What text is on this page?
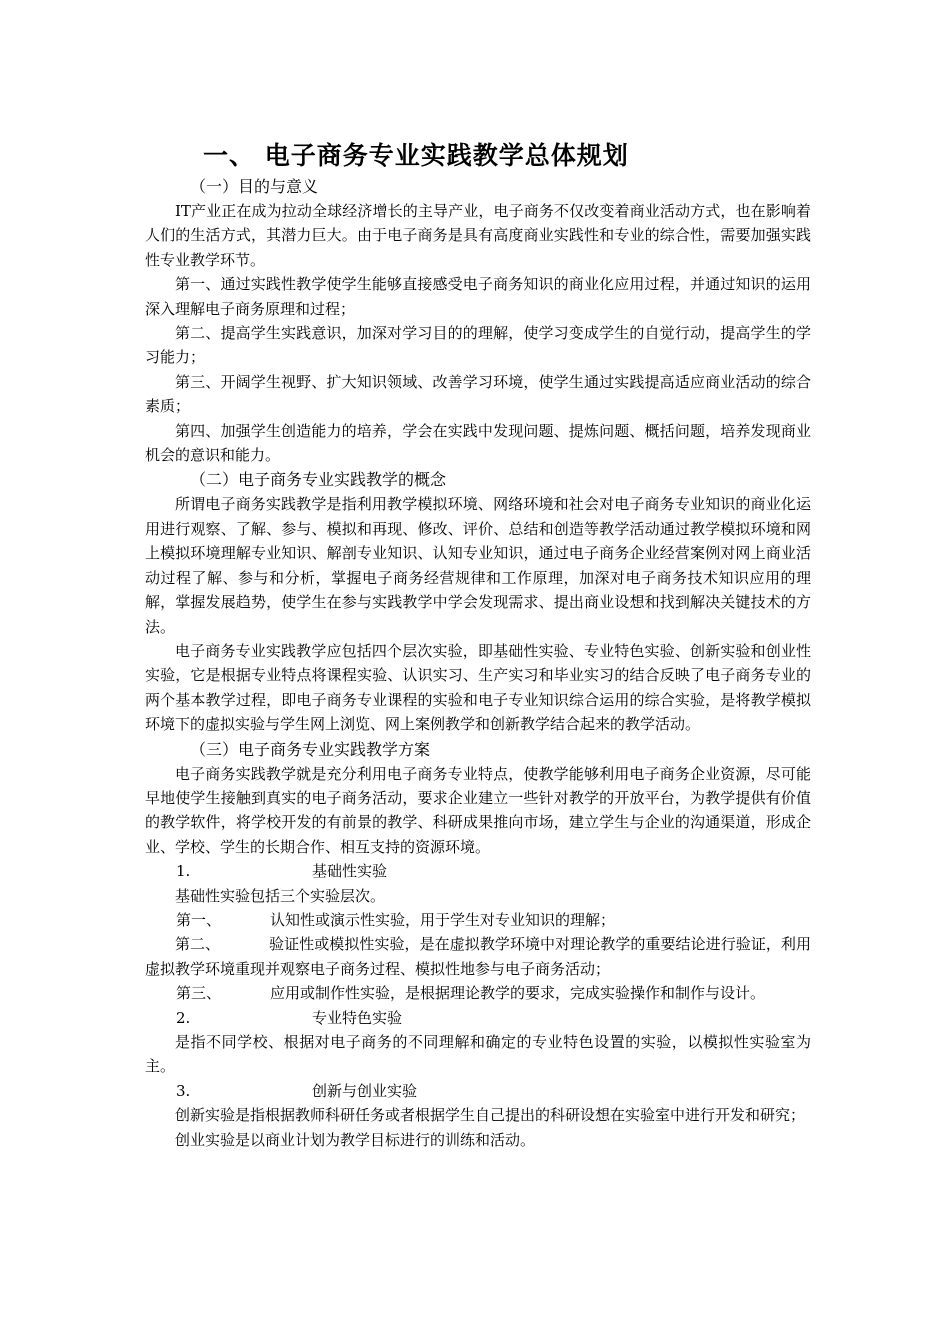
一、 电子商务专业实践教学总体规划
（一）目的与意义

IT产业正在成为拉动全球经济增长的主导产业，电子商务不仅改变着商业活动方式，也在影响着人们的生活方式，其潜力巨大。由于电子商务是具有高度商业实践性和专业的综合性，需要加强实践性专业教学环节。

第一、通过实践性教学使学生能够直接感受电子商务知识的商业化应用过程，并通过知识的运用深入理解电子商务原理和过程；

第二、提高学生实践意识，加深对学习目的的理解，使学习变成学生的自觉行动，提高学生的学习能力；

第三、开阔学生视野、扩大知识领域、改善学习环境，使学生通过实践提高适应商业活动的综合素质；

第四、加强学生创造能力的培养，学会在实践中发现问题、提炼问题、概括问题，培养发现商业机会的意识和能力。

（二）电子商务专业实践教学的概念

所谓电子商务实践教学是指利用教学模拟环境、网络环境和社会对电子商务专业知识的商业化运用进行观察、了解、参与、模拟和再现、修改、评价、总结和创造等教学活动通过教学模拟环境和网上模拟环境理解专业知识、解剖专业知识、认知专业知识，通过电子商务企业经营案例对网上商业活动过程了解、参与和分析，掌握电子商务经营规律和工作原理，加深对电子商务技术知识应用的理解，掌握发展趋势，使学生在参与实践教学中学会发现需求、提出商业设想和找到解决关键技术的方法。

电子商务专业实践教学应包括四个层次实验，即基础性实验、专业特色实验、创新实验和创业性实验，它是根据专业特点将课程实验、认识实习、生产实习和毕业实习的结合反映了电子商务专业的两个基本教学过程，即电子商务专业课程的实验和电子专业知识综合运用的综合实验，是将教学模拟环境下的虚拟实验与学生网上浏览、网上案例教学和创新教学结合起来的教学活动。

（三）电子商务专业实践教学方案

电子商务实践教学就是充分利用电子商务专业特点，使教学能够利用电子商务企业资源，尽可能早地使学生接触到真实的电子商务活动，要求企业建立一些针对教学的开放平台，为教学提供有价值的教学软件，将学校开发的有前景的教学、科研成果推向市场，建立学生与企业的沟通渠道，形成企业、学校、学生的长期合作、相互支持的资源环境。

1.	基础性实验

基础性实验包括三个实验层次。

第一、	认知性或演示性实验，用于学生对专业知识的理解；

第二、	验证性或模拟性实验，是在虚拟教学环境中对理论教学的重要结论进行验证，利用虚拟教学环境重现并观察电子商务过程、模拟性地参与电子商务活动；

第三、	应用或制作性实验，是根据理论教学的要求，完成实验操作和制作与设计。
2.	专业特色实验

是指不同学校、根据对电子商务的不同理解和确定的专业特色设置的实验，以模拟性实验室为主。

3.	创新与创业实验

创新实验是指根据教师科研任务或者根据学生自己提出的科研设想在实验室中进行开发和研究；

创业实验是以商业计划为教学目标进行的训练和活动。
